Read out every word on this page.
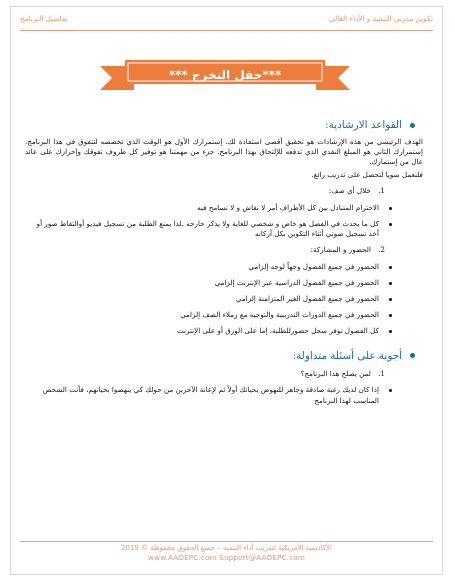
تكوين مدربي التنمية و الأداء العالي
تفاصيل البرنامج
***حفل التخرج ***
القواعد الارشادية:

الهدف الرئيسي من هذه الإرشادات هو تحقيق أقصى استفادة لك. إستمرارك الأول هو الوقت الذي تخصصه لتتفوق في هذا البرنامج. إستمرارك الثاني هو المبلغ النقدي الذي تدفعه للإلتحاق بهذا البرنامج. جزء من مهمتنا هو توفير كل ظروف تفوقك وإحرازك على عائد عال من إستمارك.

فلنعمل سويا لتحصل على تدريب رائع.

1.
خلال أي صف:
الاحترام المتبادل بين كل الأطراف أمر لا نقاش و لا تسامح فيه
كل ما يحدث في الفصل هو خاص و شخصي للغاية ولا يذكر خارجه .لذا يمنع الطلبة من تسجيل فيديو أوالتقاط صور أو أخذ تسجيل صوتي أثناء التكوين بكل أركانه
2.
الحضور و المشاركة:
الحضور في جميع الفصول وجهاً لوجه إلزامي
الحضور في جميع الفصول الدراسية عبر الإنترنت إلزامي
الحضور في جميع الفصول الغير المتزامنة إلزامي
الحضور في جميع الدورات التدريبية والتوجيه مع زملاء الصف إلزامي
كل الفصول توفر سجل حضورللطلبة، إما على الورق أو على الإنترنت
أجوبة على أسئلة متداولة:
1.
لمن يصلح هذا البرنامج؟
إذا كان لديك رغبة صادقة وجاهز للنهوض بحياتك أولاً ثم لإعانة الآخرين من حولك كي ينهضوا بحياتهم، فأنت الشخص المناسب لهذا البرنامج
الأكاديمية الأمريكية لتدريب أداء التنمية – جميع الحقوق محفوظة © 2019
www.AAOEPC.com Support@AAOEPC.com
